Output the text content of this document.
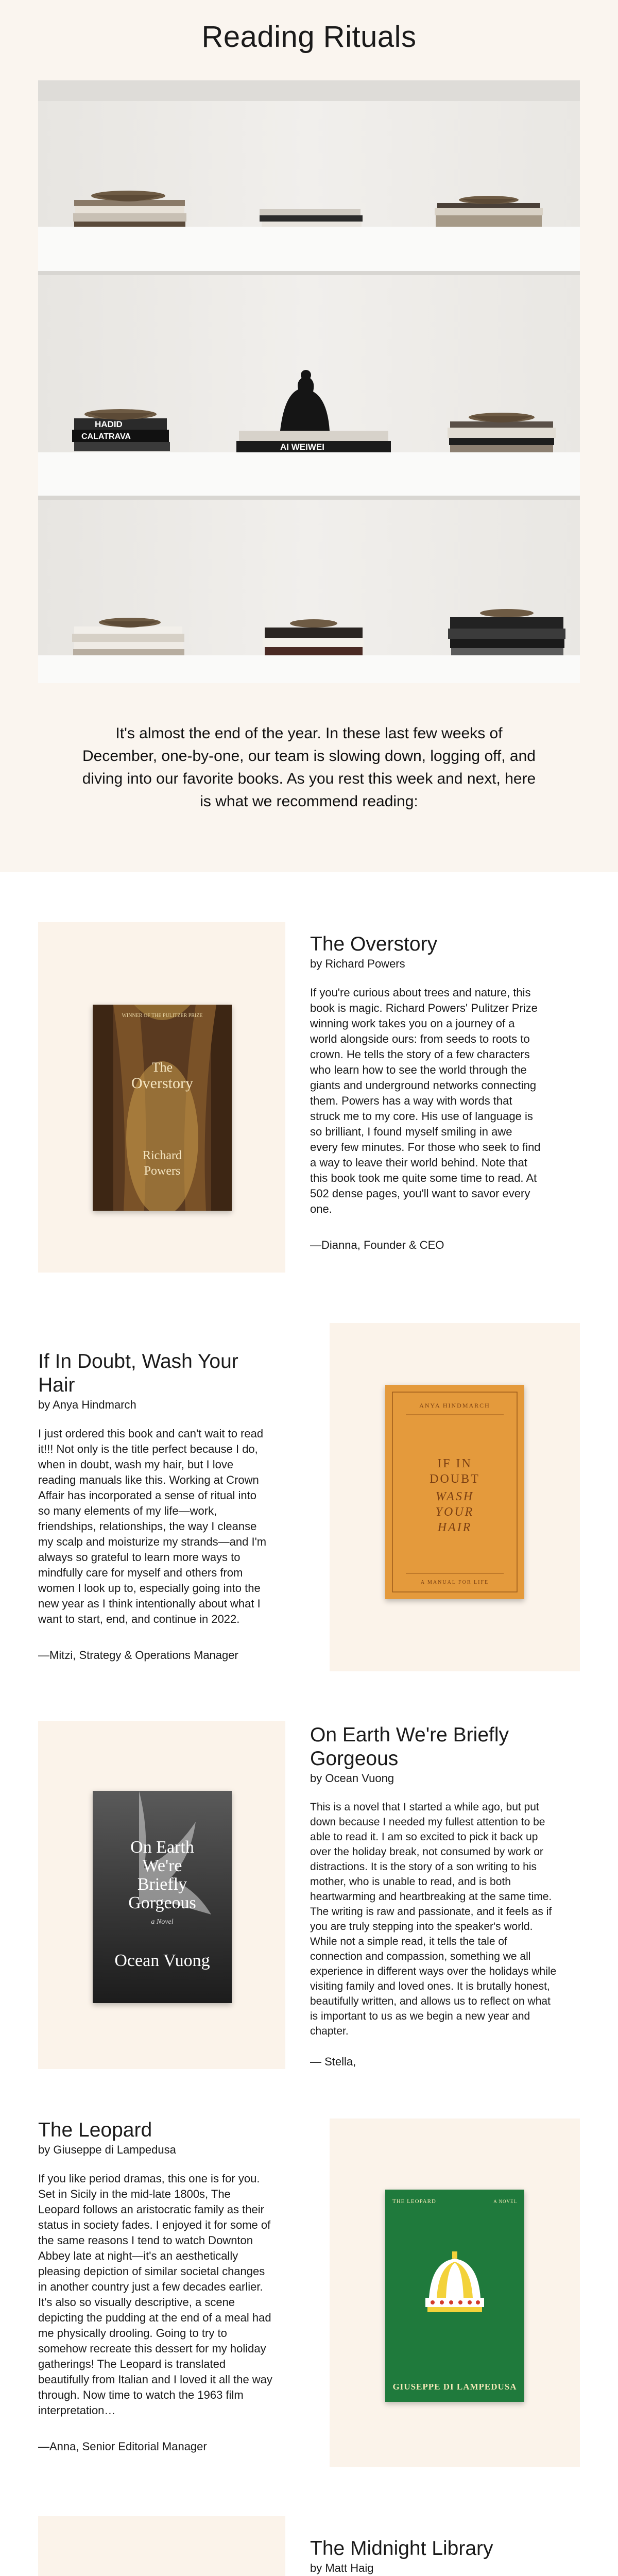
Reading Rituals
HADID
CALATRAVA
AI WEIWEI

It's almost the end of the year. In these last few weeks of December, one-by-one, our team is slowing down, logging off, and diving into our favorite books. As you rest this week and next, here is what we recommend reading:

WINNER OF THE PULITZER PRIZE
The
Overstory
Richard
Powers
The Overstory

by Richard Powers

If you're curious about trees and nature, this book is magic. Richard Powers' Pulitzer Prize winning work takes you on a journey of a world alongside ours: from seeds to roots to crown. He tells the story of a few characters who learn how to see the world through the giants and underground networks connecting them. Powers has a way with words that struck me to my core. His use of language is so brilliant, I found myself smiling in awe every few minutes. For those who seek to find a way to leave their world behind. Note that this book took me quite some time to read. At 502 dense pages, you'll want to savor every one.

—Dianna, Founder & CEO

If In Doubt, Wash Your Hair

by Anya Hindmarch

I just ordered this book and can't wait to read it!!! Not only is the title perfect because I do, when in doubt, wash my hair, but I love reading manuals like this. Working at Crown Affair has incorporated a sense of ritual into so many elements of my life—work, friendships, relationships, the way I cleanse my scalp and moisturize my strands—and I'm always so grateful to learn more ways to mindfully care for myself and others from women I look up to, especially going into the new year as I think intentionally about what I want to start, end, and continue in 2022.

—Mitzi, Strategy & Operations Manager

ANYA HINDMARCH
IF IN
DOUBT
WASH
YOUR
HAIR
A MANUAL FOR LIFE
On Earth
We're
Briefly
Gorgeous
a Novel
Ocean Vuong
On Earth We're Briefly Gorgeous

by Ocean Vuong

This is a novel that I started a while ago, but put down because I needed my fullest attention to be able to read it. I am so excited to pick it back up over the holiday break, not consumed by work or distractions. It is the story of a son writing to his mother, who is unable to read, and is both heartwarming and heartbreaking at the same time. The writing is raw and passionate, and it feels as if you are truly stepping into the speaker's world. While not a simple read, it tells the tale of connection and compassion, something we all experience in different ways over the holidays while visiting family and loved ones. It is brutally honest, beautifully written, and allows us to reflect on what is important to us as we begin a new year and chapter.

— Stella,

The Leopard

by Giuseppe di Lampedusa

If you like period dramas, this one is for you. Set in Sicily in the mid-late 1800s, The Leopard follows an aristocratic family as their status in society fades. I enjoyed it for some of the same reasons I tend to watch Downton Abbey late at night—it's an aesthetically pleasing depiction of similar societal changes in another country just a few decades earlier. It's also so visually descriptive, a scene depicting the pudding at the end of a meal had me physically drooling. Going to try to somehow recreate this dessert for my holiday gatherings! The Leopard is translated beautifully from Italian and I loved it all the way through. Now time to watch the 1963 film interpretation…

—Anna, Senior Editorial Manager

THE LEOPARD	A NOVEL
GIUSEPPE DI LAMPEDUSA
The Midnight Library

by Matt Haig
